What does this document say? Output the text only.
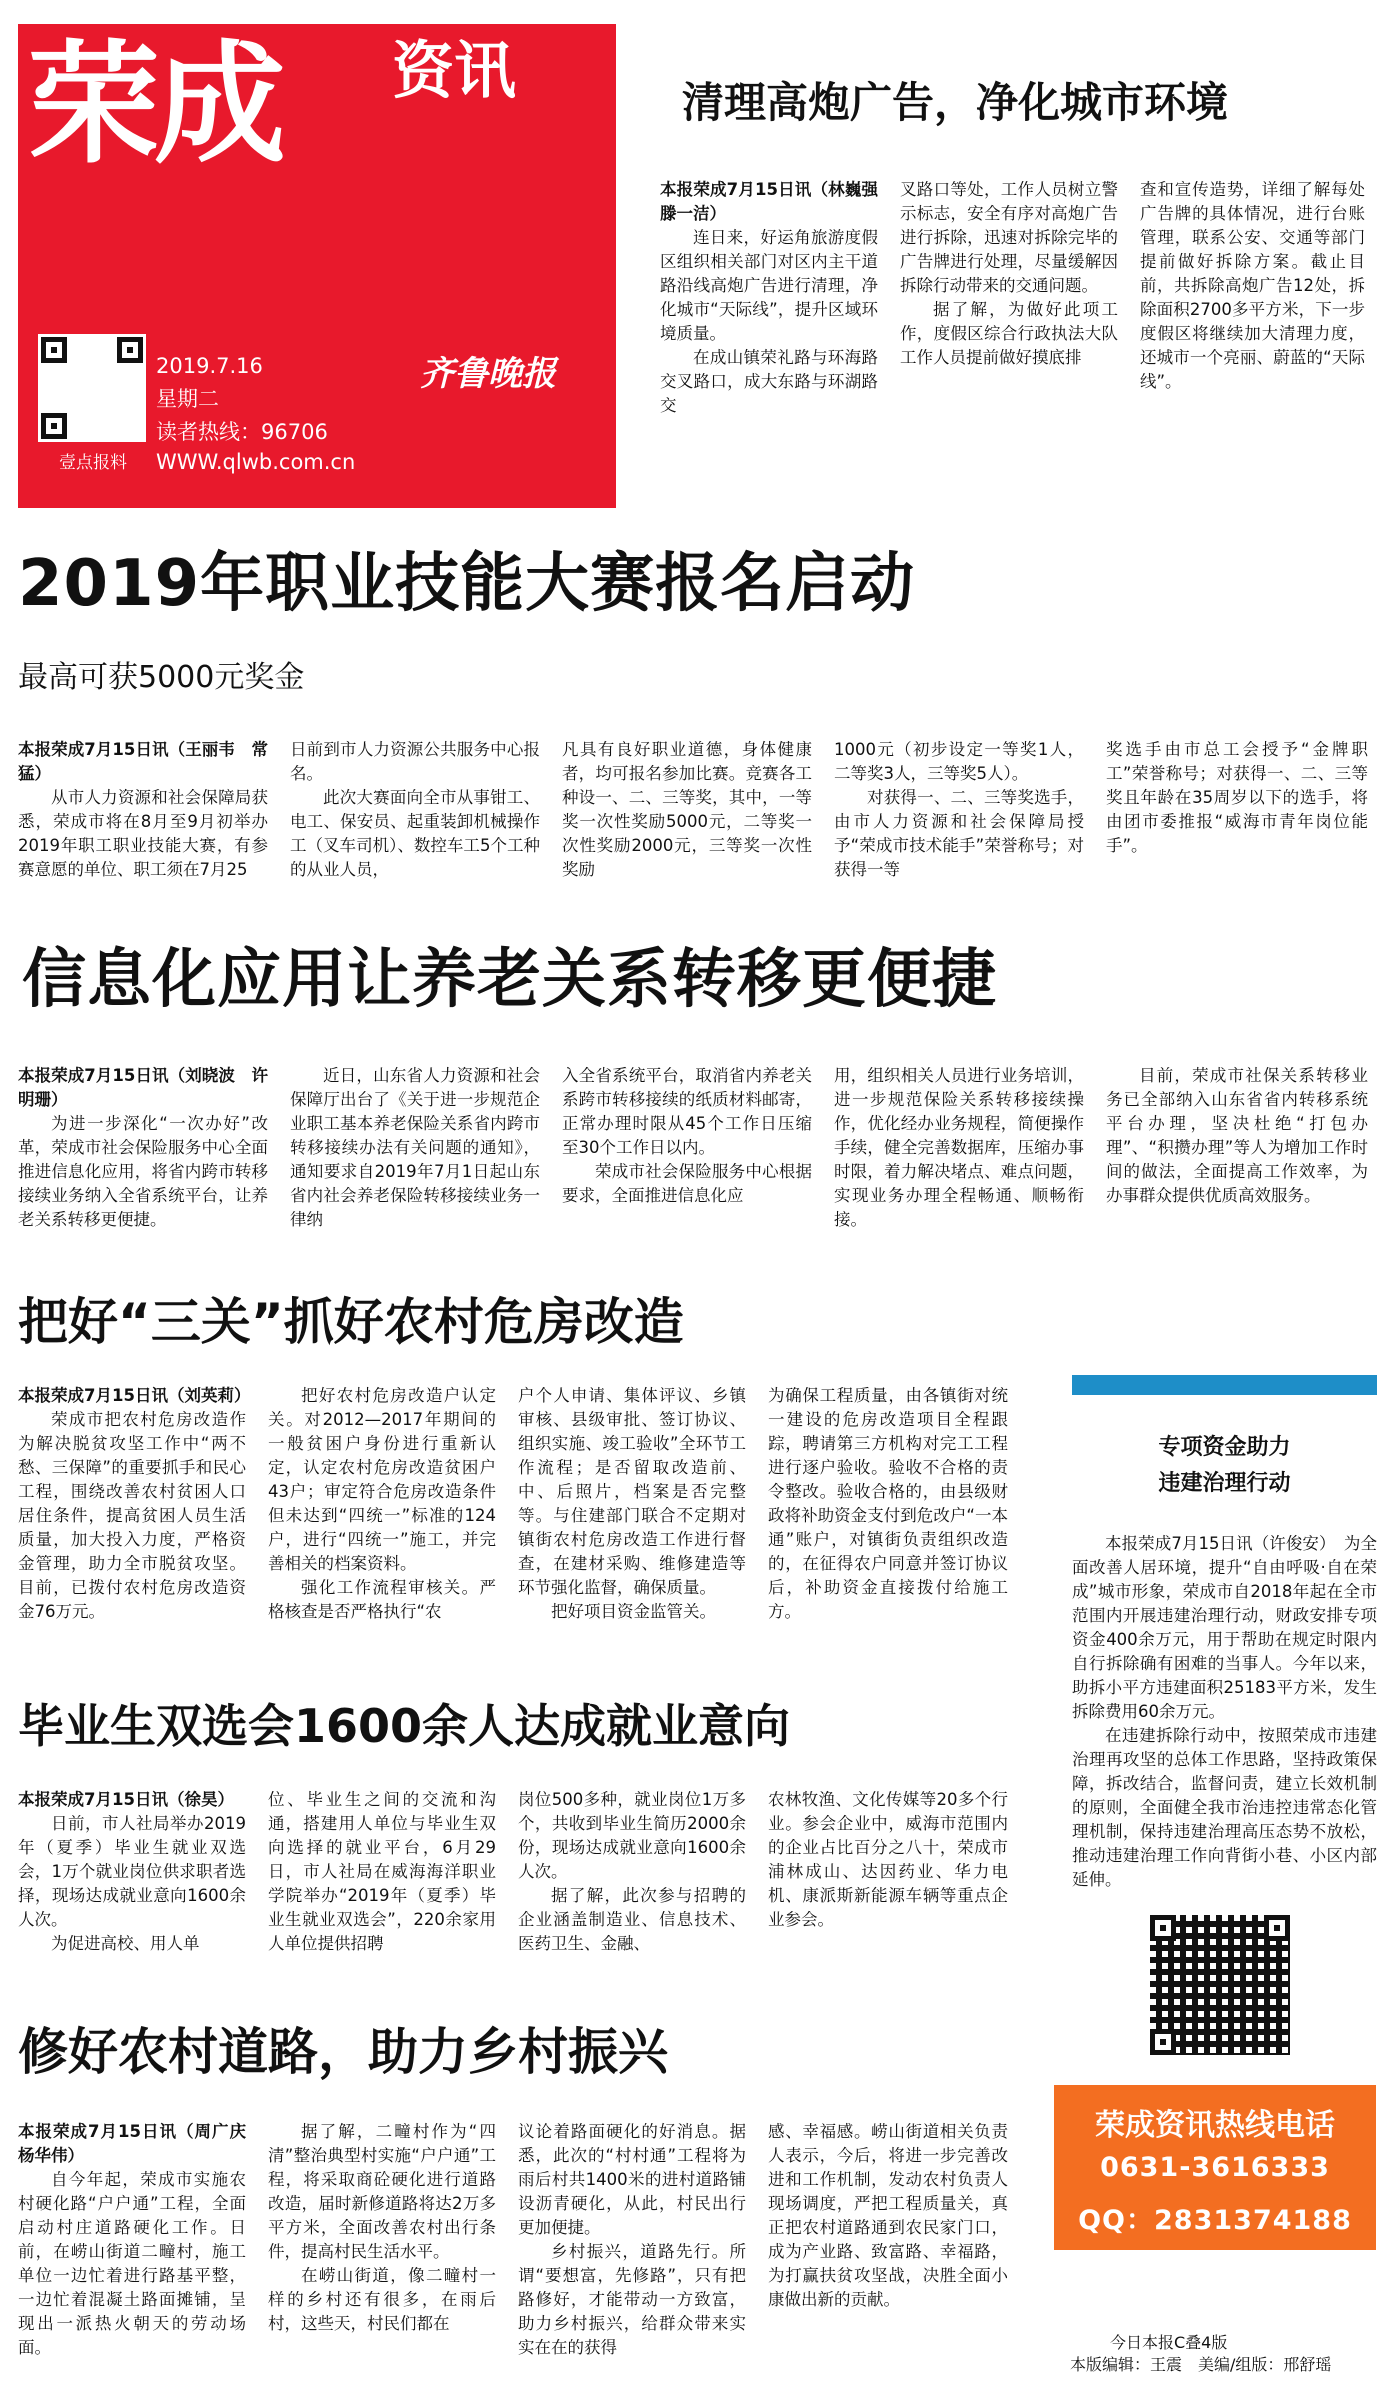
荣成 资讯
壹点报料
2019.7.16
星期二
读者热线：96706
WWW.qlwb.com.cn
齐鲁晚报
清理高炮广告，净化城市环境

本报荣成7月15日讯（林巍强　滕一洁）

连日来，好运角旅游度假区组织相关部门对区内主干道路沿线高炮广告进行清理，净化城市“天际线”，提升区域环境质量。

在成山镇荣礼路与环海路交叉路口，成大东路与环湖路交

叉路口等处，工作人员树立警示标志，安全有序对高炮广告进行拆除，迅速对拆除完毕的广告牌进行处理，尽量缓解因拆除行动带来的交通问题。

据了解，为做好此项工作，度假区综合行政执法大队工作人员提前做好摸底排

查和宣传造势，详细了解每处广告牌的具体情况，进行台账管理，联系公安、交通等部门提前做好拆除方案。截止目前，共拆除高炮广告12处，拆除面积2700多平方米，下一步度假区将继续加大清理力度，还城市一个亮丽、蔚蓝的“天际线”。

2019年职业技能大赛报名启动
最高可获5000元奖金

本报荣成7月15日讯（王丽韦　常猛）

从市人力资源和社会保障局获悉，荣成市将在8月至9月初举办2019年职工职业技能大赛，有参赛意愿的单位、职工须在7月25

日前到市人力资源公共服务中心报名。

此次大赛面向全市从事钳工、电工、保安员、起重装卸机械操作工（叉车司机）、数控车工5个工种的从业人员，

凡具有良好职业道德，身体健康者，均可报名参加比赛。竞赛各工种设一、二、三等奖，其中，一等奖一次性奖励5000元，二等奖一次性奖励2000元，三等奖一次性奖励

1000元（初步设定一等奖1人，二等奖3人，三等奖5人）。

对获得一、二、三等奖选手，由市人力资源和社会保障局授予“荣成市技术能手”荣誉称号；对获得一等

奖选手由市总工会授予“金牌职工”荣誉称号；对获得一、二、三等奖且年龄在35周岁以下的选手，将由团市委推报“威海市青年岗位能手”。

信息化应用让养老关系转移更便捷

本报荣成7月15日讯（刘晓波　许明珊）

为进一步深化“一次办好”改革，荣成市社会保险服务中心全面推进信息化应用，将省内跨市转移接续业务纳入全省系统平台，让养老关系转移更便捷。

近日，山东省人力资源和社会保障厅出台了《关于进一步规范企业职工基本养老保险关系省内跨市转移接续办法有关问题的通知》，通知要求自2019年7月1日起山东省内社会养老保险转移接续业务一律纳

入全省系统平台，取消省内养老关系跨市转移接续的纸质材料邮寄，正常办理时限从45个工作日压缩至30个工作日以内。

荣成市社会保险服务中心根据要求，全面推进信息化应

用，组织相关人员进行业务培训，进一步规范保险关系转移接续操作，优化经办业务规程，简便操作手续，健全完善数据库，压缩办事时限，着力解决堵点、难点问题，实现业务办理全程畅通、顺畅衔接。

目前，荣成市社保关系转移业务已全部纳入山东省省内转移系统平台办理，坚决杜绝“打包办理”、“积攒办理”等人为增加工作时间的做法，全面提高工作效率，为办事群众提供优质高效服务。

把好“三关”抓好农村危房改造

本报荣成7月15日讯（刘英莉）

荣成市把农村危房改造作为解决脱贫攻坚工作中“两不愁、三保障”的重要抓手和民心工程，围绕改善农村贫困人口居住条件，提高贫困人员生活质量，加大投入力度，严格资金管理，助力全市脱贫攻坚。目前，已拨付农村危房改造资金76万元。

把好农村危房改造户认定关。对2012—2017年期间的一般贫困户身份进行重新认定，认定农村危房改造贫困户43户；审定符合危房改造条件但未达到“四统一”标准的124户，进行“四统一”施工，并完善相关的档案资料。

强化工作流程审核关。严格核查是否严格执行“农

户个人申请、集体评议、乡镇审核、县级审批、签订协议、组织实施、竣工验收”全环节工作流程；是否留取改造前、中、后照片，档案是否完整等。与住建部门联合不定期对镇街农村危房改造工作进行督查，在建材采购、维修建造等环节强化监督，确保质量。

把好项目资金监管关。

为确保工程质量，由各镇街对统一建设的危房改造项目全程跟踪，聘请第三方机构对完工工程进行逐户验收。验收不合格的责令整改。验收合格的，由县级财政将补助资金支付到危改户“一本通”账户，对镇街负责组织改造的，在征得农户同意并签订协议后，补助资金直接拨付给施工方。

专项资金助力
违建治理行动

本报荣成7月15日讯（许俊安）　为全面改善人居环境，提升“自由呼吸·自在荣成”城市形象，荣成市自2018年起在全市范围内开展违建治理行动，财政安排专项资金400余万元，用于帮助在规定时限内自行拆除确有困难的当事人。今年以来，助拆小平方违建面积25183平方米，发生拆除费用60余万元。

在违建拆除行动中，按照荣成市违建治理再攻坚的总体工作思路，坚持政策保障，拆改结合，监督问责，建立长效机制的原则，全面健全我市治违控违常态化管理机制，保持违建治理高压态势不放松，推动违建治理工作向背街小巷、小区内部延伸。

毕业生双选会1600余人达成就业意向

本报荣成7月15日讯（徐昊）

日前，市人社局举办2019年（夏季）毕业生就业双选会，1万个就业岗位供求职者选择，现场达成就业意向1600余人次。

为促进高校、用人单

位、毕业生之间的交流和沟通，搭建用人单位与毕业生双向选择的就业平台，6月29日，市人社局在威海海洋职业学院举办“2019年（夏季）毕业生就业双选会”，220余家用人单位提供招聘

岗位500多种，就业岗位1万多个，共收到毕业生简历2000余份，现场达成就业意向1600余人次。

据了解，此次参与招聘的企业涵盖制造业、信息技术、医药卫生、金融、

农林牧渔、文化传媒等20多个行业。参会企业中，威海市范围内的企业占比百分之八十，荣成市浦林成山、达因药业、华力电机、康派斯新能源车辆等重点企业参会。

修好农村道路，助力乡村振兴

本报荣成7月15日讯（周广庆　杨华伟）

自今年起，荣成市实施农村硬化路“户户通”工程，全面启动村庄道路硬化工作。日前，在崂山街道二疃村，施工单位一边忙着进行路基平整，一边忙着混凝土路面摊铺，呈现出一派热火朝天的劳动场面。

据了解，二疃村作为“四清”整治典型村实施“户户通”工程，将采取商砼硬化进行道路改造，届时新修道路将达2万多平方米，全面改善农村出行条件，提高村民生活水平。

在崂山街道，像二疃村一样的乡村还有很多，在雨后村，这些天，村民们都在

议论着路面硬化的好消息。据悉，此次的“村村通”工程将为雨后村共1400米的进村道路铺设沥青硬化，从此，村民出行更加便捷。

乡村振兴，道路先行。所谓“要想富，先修路”，只有把路修好，才能带动一方致富，助力乡村振兴，给群众带来实实在在的获得

感、幸福感。崂山街道相关负责人表示，今后，将进一步完善改进和工作机制，发动农村负责人现场调度，严把工程质量关，真正把农村道路通到农民家门口，成为产业路、致富路、幸福路，为打赢扶贫攻坚战，决胜全面小康做出新的贡献。

荣成资讯热线电话
0631-3616333
QQ：2831374188
今日本报C叠4版
本版编辑：王震　美编/组版：邢舒瑶
